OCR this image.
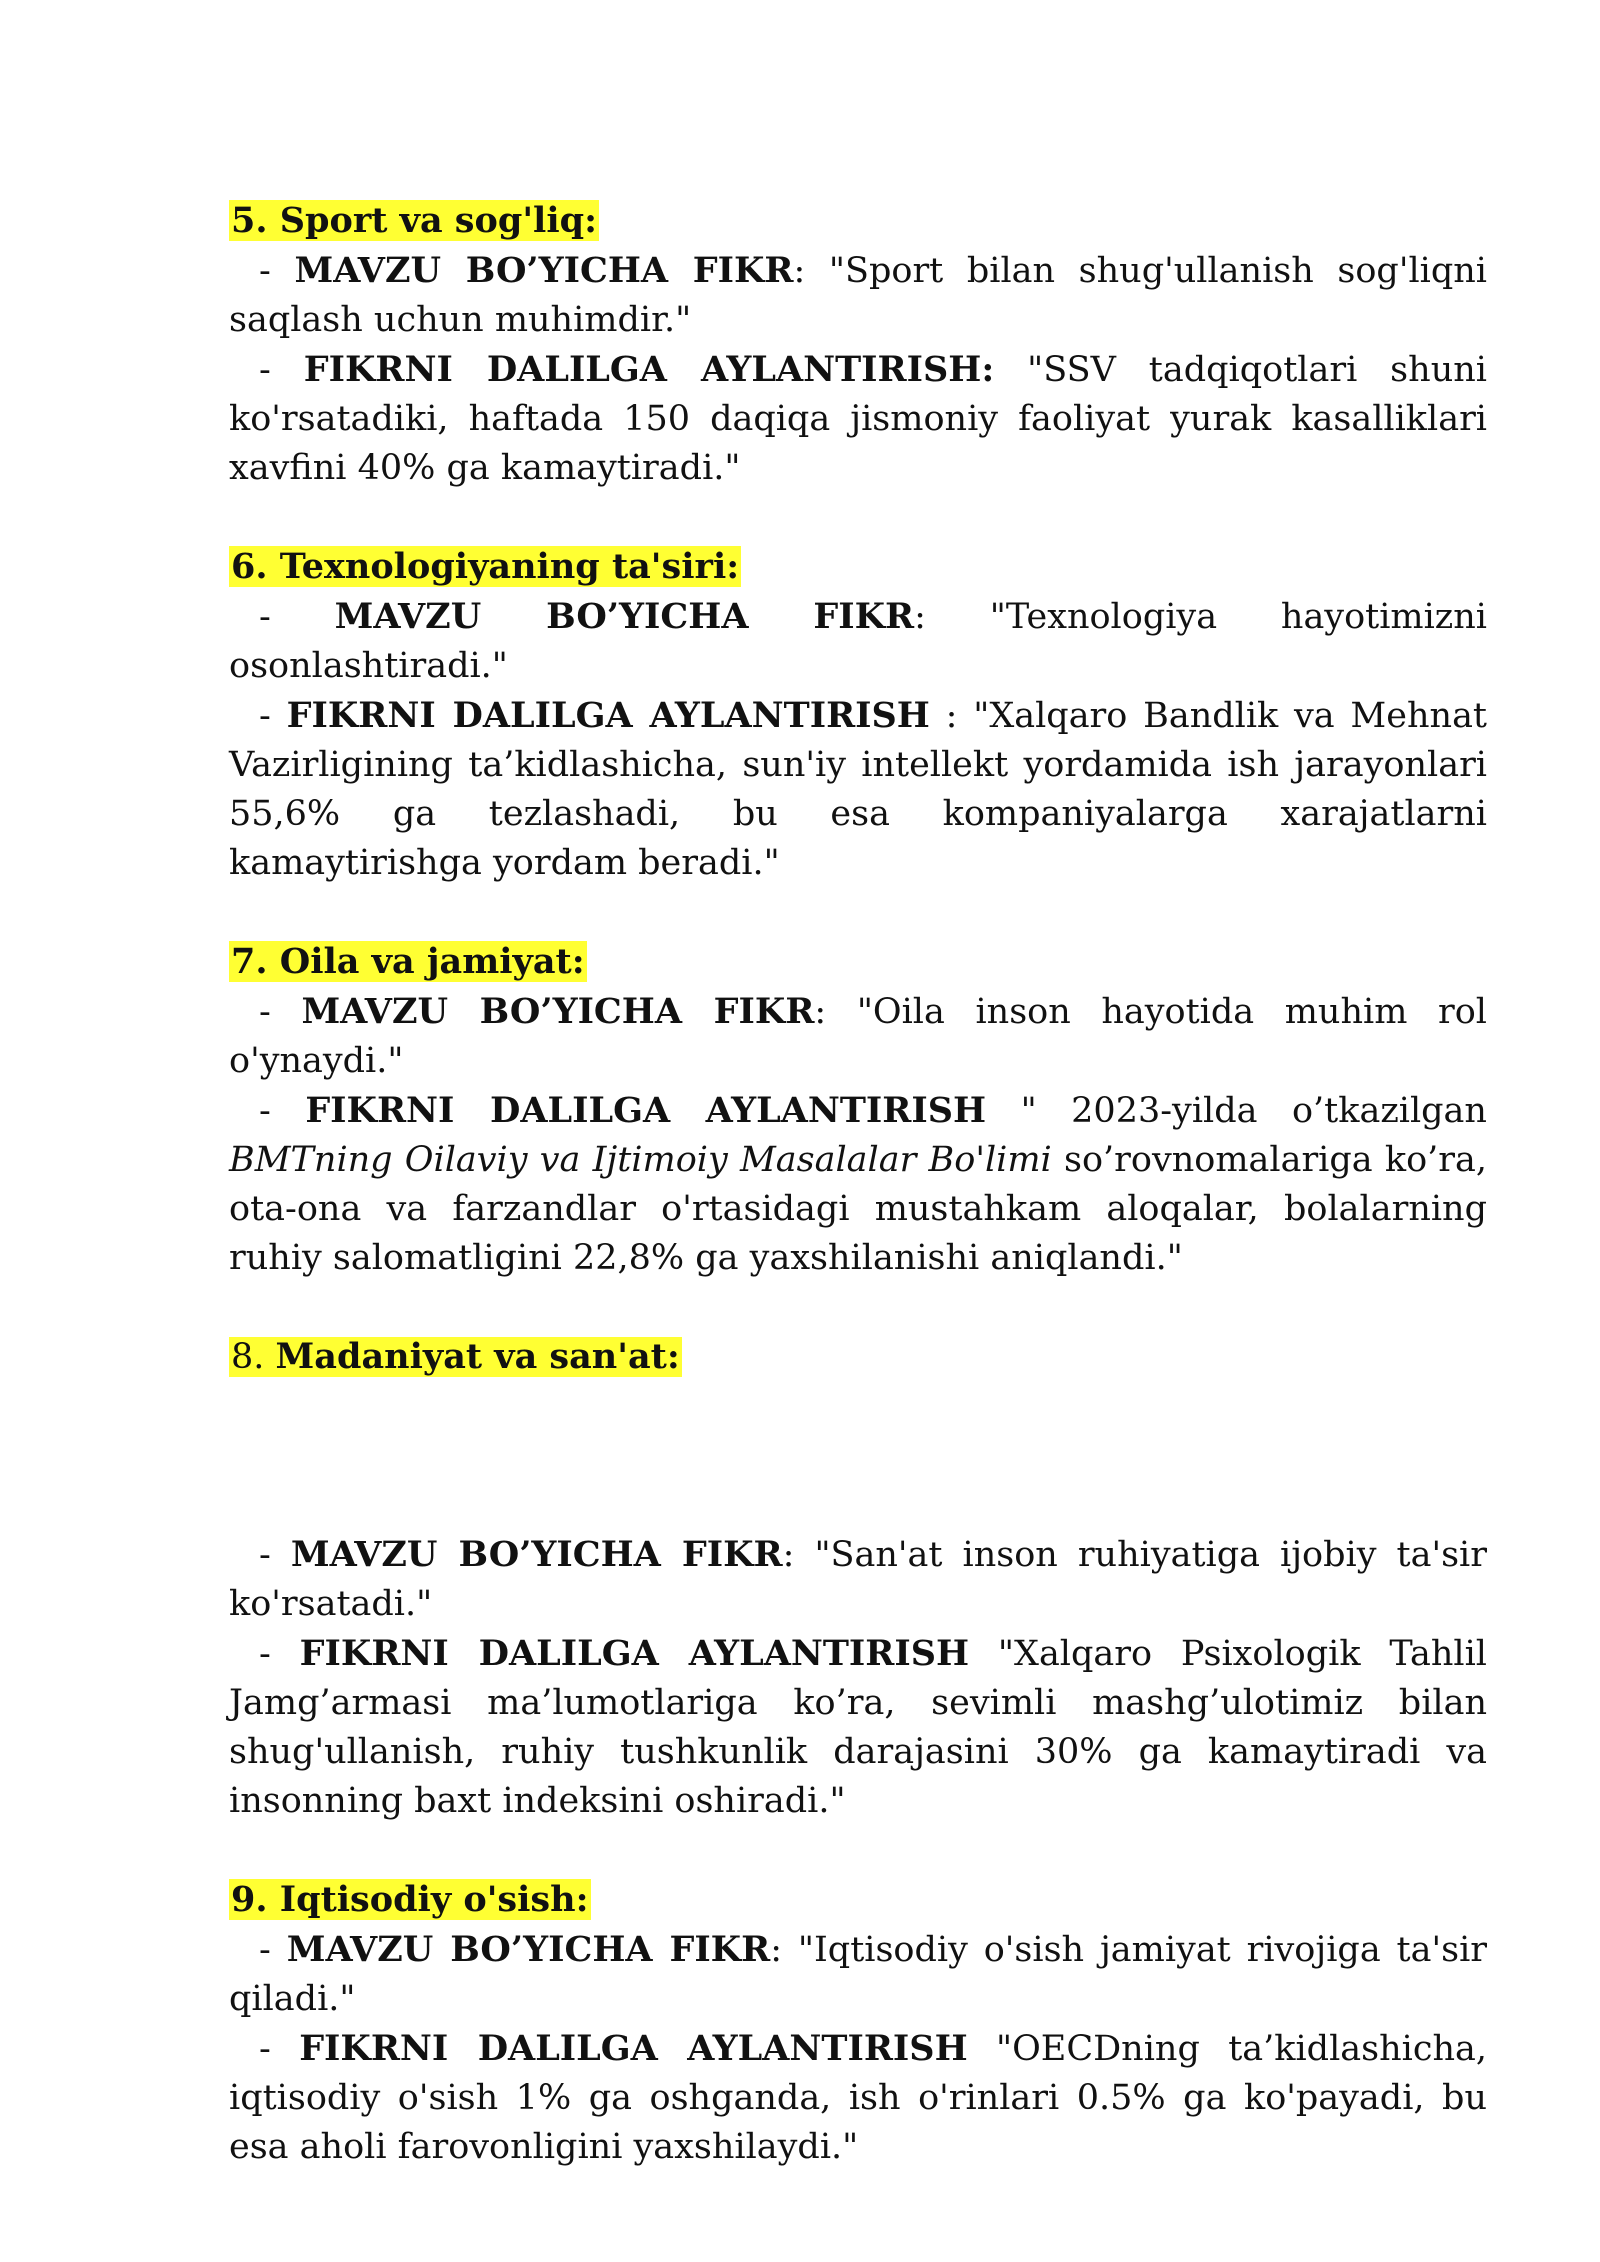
5. Sport va sog'liq:

- MAVZU BO’YICHA FIKR: "Sport bilan shug'ullanish sog'liqni saqlash uchun muhimdir."

- FIKRNI DALILGA AYLANTIRISH: "SSV tadqiqotlari shuni ko'rsatadiki, haftada 150 daqiqa jismoniy faoliyat yurak kasalliklari xavfini 40% ga kamaytiradi."

6. Texnologiyaning ta'siri:

- MAVZU BO’YICHA FIKR: "Texnologiya hayotimizni osonlashtiradi."

- FIKRNI DALILGA AYLANTIRISH : "Xalqaro Bandlik va Mehnat Vazirligining ta’kidlashicha, sun'iy intellekt yordamida ish jarayonlari 55,6% ga tezlashadi, bu esa kompaniyalarga xarajatlarni kamaytirishga yordam beradi."

7. Oila va jamiyat:

- MAVZU BO’YICHA FIKR: "Oila inson hayotida muhim rol o'ynaydi."

- FIKRNI DALILGA AYLANTIRISH " 2023-yilda o’tkazilgan BMTning Oilaviy va Ijtimoiy Masalalar Bo'limi so’rovnomalariga ko’ra, ota-ona va farzandlar o'rtasidagi mustahkam aloqalar, bolalarning ruhiy salomatligini 22,8% ga yaxshilanishi aniqlandi."

8. Madaniyat va san'at:

- MAVZU BO’YICHA FIKR: "San'at inson ruhiyatiga ijobiy ta'sir ko'rsatadi."

- FIKRNI DALILGA AYLANTIRISH "Xalqaro Psixologik Tahlil Jamg’armasi ma’lumotlariga ko’ra, sevimli mashg’ulotimiz bilan shug'ullanish, ruhiy tushkunlik darajasini 30% ga kamaytiradi va insonning baxt indeksini oshiradi."

9. Iqtisodiy o'sish:

- MAVZU BO’YICHA FIKR: "Iqtisodiy o'sish jamiyat rivojiga ta'sir qiladi."

- FIKRNI DALILGA AYLANTIRISH "OECDning ta’kidlashicha, iqtisodiy o'sish 1% ga oshganda, ish o'rinlari 0.5% ga ko'payadi, bu esa aholi farovonligini yaxshilaydi."
